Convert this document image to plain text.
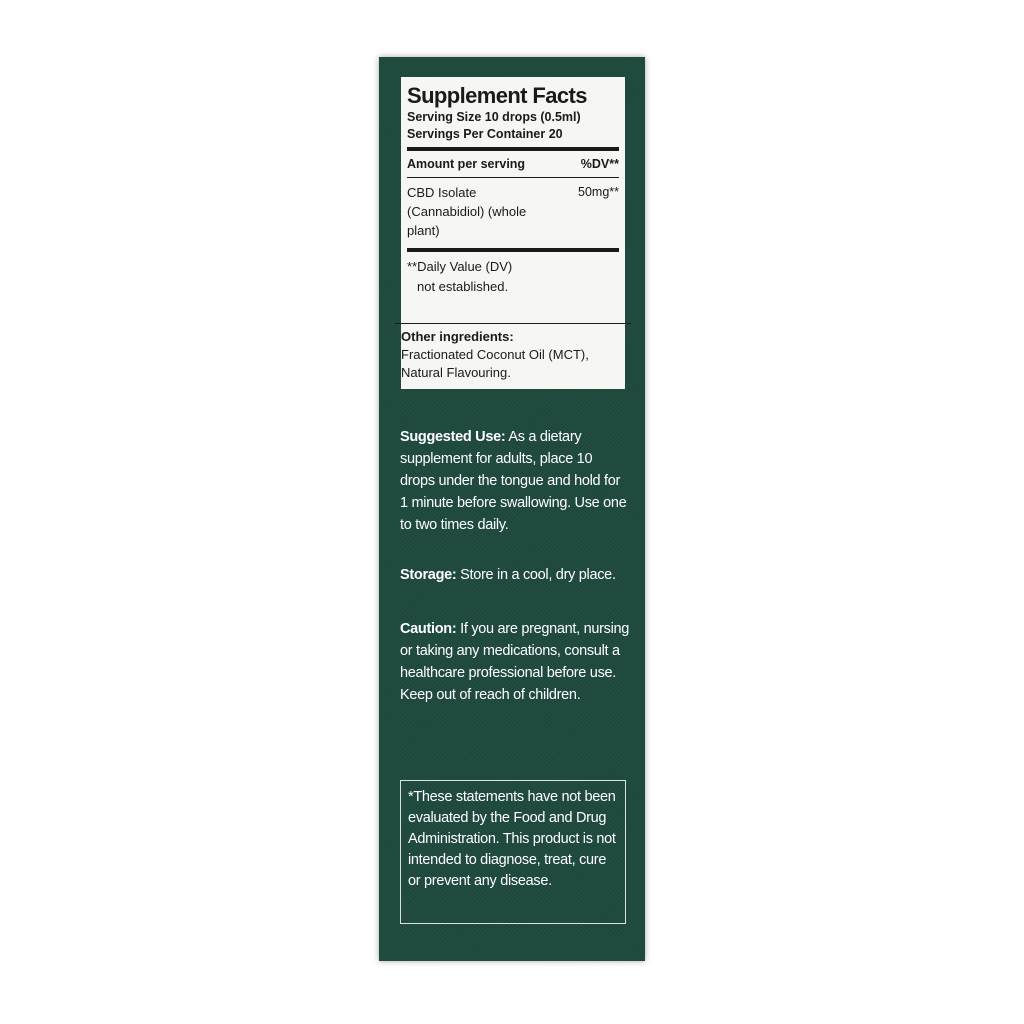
Supplement Facts
Serving Size 10 drops (0.5ml)
Servings Per Container 20
Amount per serving	%DV**
CBD Isolate (Cannabidiol) (whole plant)
50mg**
**Daily Value (DV)
not established.
Other ingredients:
Fractionated Coconut Oil (MCT), Natural Flavouring.
Suggested Use: As a dietary supplement for adults, place 10 drops under the tongue and hold for 1 minute before swallowing. Use one to two times daily.
Storage: Store in a cool, dry place.
Caution: If you are pregnant, nursing or taking any medications, consult a healthcare professional before use. Keep out of reach of children.
*These statements have not been evaluated by the Food and Drug Administration. This product is not intended to diagnose, treat, cure or prevent any disease.
